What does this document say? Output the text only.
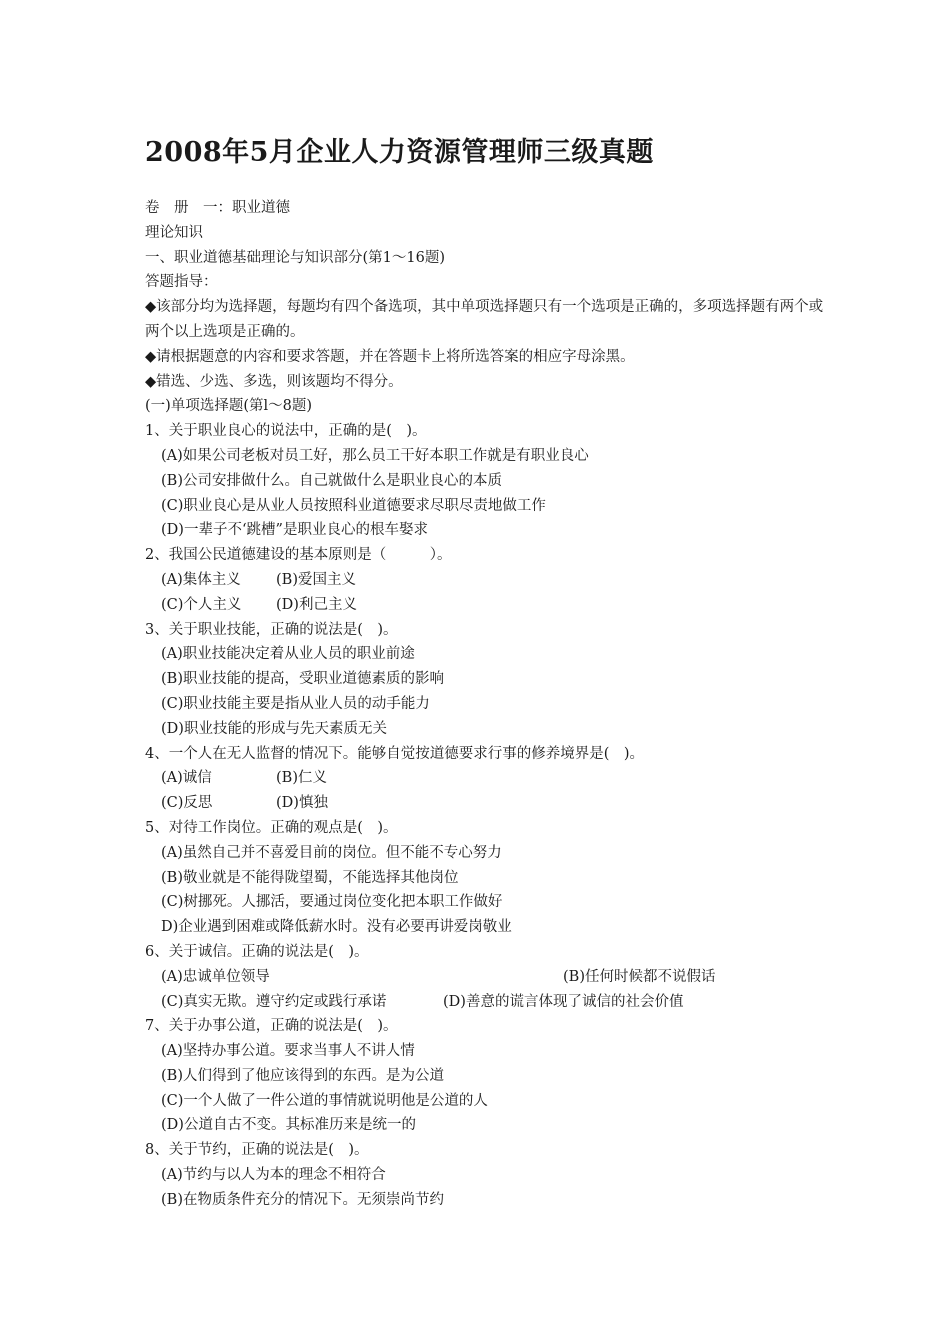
2008年5月企业人力资源管理师三级真题
卷　册　一：职业道德
理论知识
一、职业道德基础理论与知识部分(第1～16题)
答题指导：
◆该部分均为选择题，每题均有四个备选项，其中单项选择题只有一个选项是正确的，多项选择题有两个或两个以上选项是正确的。
◆请根据题意的内容和要求答题，并在答题卡上将所选答案的相应字母涂黑。
◆错选、少选、多选，则该题均不得分。
(一)单项选择题(第l～8题)
1、关于职业良心的说法中，正确的是(　)。
(A)如果公司老板对员工好，那么员工干好本职工作就是有职业良心
(B)公司安排做什么。自己就做什么是职业良心的本质
(C)职业良心是从业人员按照科业道德要求尽职尽责地做工作
(D)一辈子不‘跳槽”是职业良心的根车娶求
2、我国公民道德建设的基本原则是（　　　）。
(A)集体主义 (B)爱国主义
(C)个人主义 (D)利己主义
3、关于职业技能，正确的说法是(　)。
(A)职业技能决定着从业人员的职业前途
(B)职业技能的提高，受职业道德素质的影响
(C)职业技能主要是指从业人员的动手能力
(D)职业技能的形成与先天素质无关
4、一个人在无人监督的情况下。能够自觉按道德要求行事的修养境界是(　)。
(A)诚信	(B)仁义
(C)反思	(D)慎独
5、对待工作岗位。正确的观点是(　)。
(A)虽然自己并不喜爱目前的岗位。但不能不专心努力
(B)敬业就是不能得陇望蜀，不能选择其他岗位
(C)树挪死。人挪活，要通过岗位变化把本职工作做好
D)企业遇到困难或降低薪水时。没有必要再讲爱岗敬业
6、关于诚信。正确的说法是(　)。
(A)忠诚单位领导	(B)任何时候都不说假话
(C)真实无欺。遵守约定或践行承诺	(D)善意的谎言体现了诚信的社会价值
7、关于办事公道，正确的说法是(　)。
(A)坚持办事公道。要求当事人不讲人情
(B)人们得到了他应该得到的东西。是为公道
(C)一个人做了一件公道的事情就说明他是公道的人
(D)公道自古不变。其标准历来是统一的
8、关于节约，正确的说法是(　)。
(A)节约与以人为本的理念不相符合
(B)在物质条件充分的情况下。无须崇尚节约
